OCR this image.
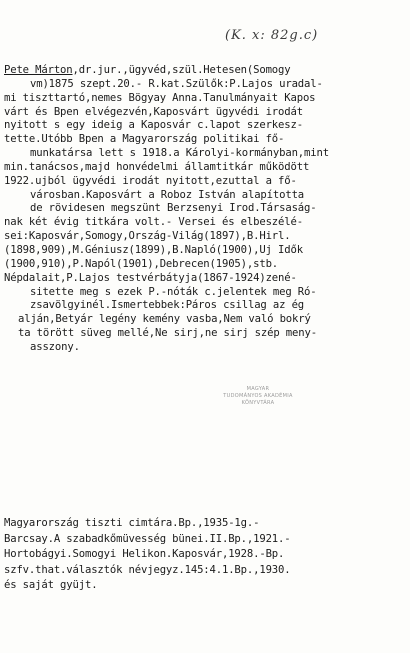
(K. x: 82g.c)
Pete Márton,dr.jur.,ügyvéd,szül.Hetesen(Somogy
vm)1875 szept.20.- R.kat.Szülők:P.Lajos uradal-
mi tiszttartó,nemes Bögyay Anna.Tanulmányait Kapos
várt és Bpen elvégezvén,Kaposvárt ügyvédi irodát
nyitott s egy ideig a Kaposvár c.lapot szerkesz-
tette.Utóbb Bpen a Magyarország politikai fő-
munkatársa lett s 1918.a Károlyi-kormányban,mint
min.tanácsos,majd honvédelmi államtitkár működött
1922.ujból ügyvédi irodát nyitott,ezuttal a fő-
városban.Kaposvárt a Roboz István alapította
de rövidesen megszünt Berzsenyi Irod.Társaság-
nak két évig titkára volt.- Versei és elbeszélé-
sei:Kaposvár,Somogy,Ország-Világ(1897),B.Hirl.
(1898,909),M.Géniusz(1899),B.Napló(1900),Uj Idők
(1900,910),P.Napól(1901),Debrecen(1905),stb.
Népdalait,P.Lajos testvérbátyja(1867-1924)zené-
sitette meg s ezek P.-nóták c.jelentek meg Ró-
zsavölgyinél.Ismertebbek:Páros csillag az ég
alján,Betyár legény kemény vasba,Nem való bokrý
ta törött süveg mellé,Ne sirj,ne sirj szép meny-
asszony.
MAGYAR
TUDOMÁNYOS AKADÉMIA
KÖNYVTÁRA
Magyarország tiszti cimtára.Bp.,1935-1g.-
Barcsay.A szabadkőmüvesség bünei.II.Bp.,1921.-
Hortobágyi.Somogyi Helikon.Kaposvár,1928.-Bp.
szfv.that.választók névjegyz.145:4.1.Bp.,1930.
és saját gyüjt.
